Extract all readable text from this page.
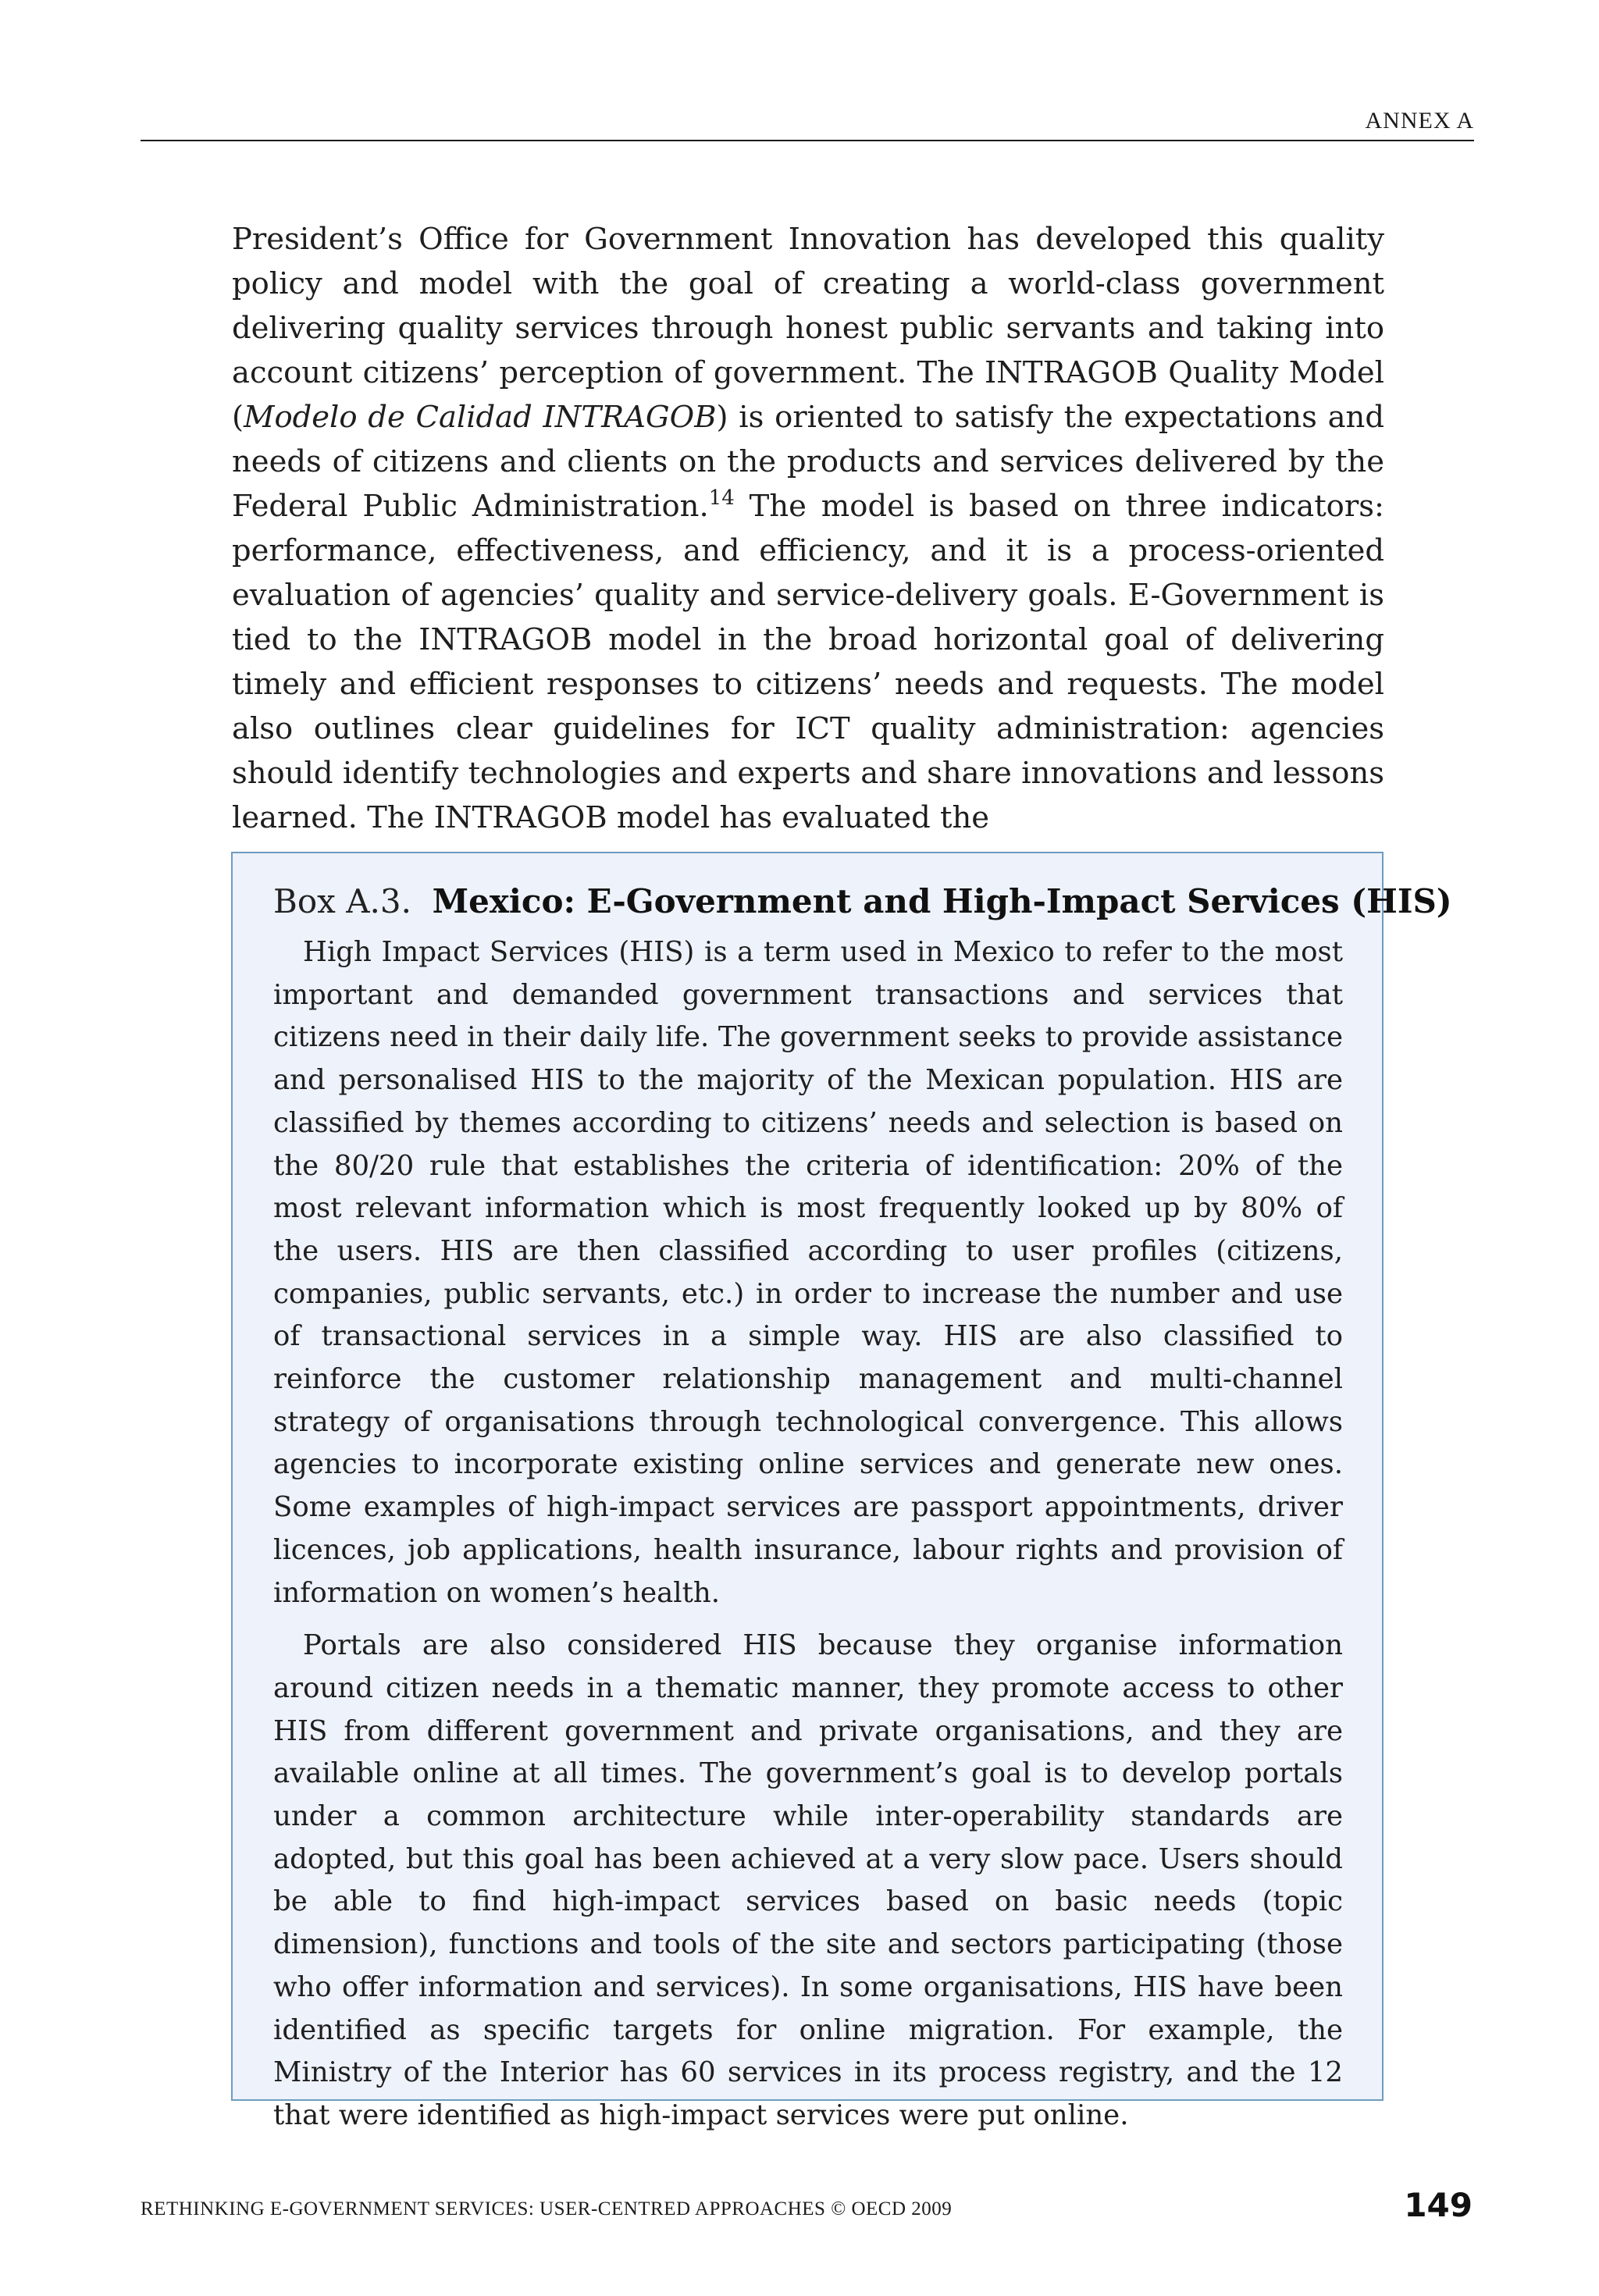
ANNEX A

President’s Office for Government Innovation has developed this quality policy and model with the goal of creating a world-class government delivering quality services through honest public servants and taking into account citizens’ perception of government. The INTRAGOB Quality Model (Modelo de Calidad INTRAGOB) is oriented to satisfy the expectations and needs of citizens and clients on the products and services delivered by the Federal Public Administration.$^{14}$ The model is based on three indicators: performance, effectiveness, and efficiency, and it is a process-oriented evaluation of agencies’ quality and service-delivery goals. E-Government is tied to the INTRAGOB model in the broad horizontal goal of delivering timely and efficient responses to citizens’ needs and requests. The model also outlines clear guidelines for ICT quality administration: agencies should identify technologies and experts and share innovations and lessons learned. The INTRAGOB model has evaluated the

Box A.3. Mexico: E-Government and High-Impact Services (HIS)

High Impact Services (HIS) is a term used in Mexico to refer to the most important and demanded government transactions and services that citizens need in their daily life. The government seeks to provide assistance and personalised HIS to the majority of the Mexican population. HIS are classified by themes according to citizens’ needs and selection is based on the 80/20 rule that establishes the criteria of identification: 20% of the most relevant information which is most frequently looked up by 80% of the users. HIS are then classified according to user profiles (citizens, companies, public servants, etc.) in order to increase the number and use of transactional services in a simple way. HIS are also classified to reinforce the customer relationship management and multi-channel strategy of organisations through technological convergence. This allows agencies to incorporate existing online services and generate new ones. Some examples of high-impact services are passport appointments, driver licences, job applications, health insurance, labour rights and provision of information on women’s health.

Portals are also considered HIS because they organise information around citizen needs in a thematic manner, they promote access to other HIS from different government and private organisations, and they are available online at all times. The government’s goal is to develop portals under a common architecture while inter-operability standards are adopted, but this goal has been achieved at a very slow pace. Users should be able to find high-impact services based on basic needs (topic dimension), functions and tools of the site and sectors participating (those who offer information and services). In some organisations, HIS have been identified as specific targets for online migration. For example, the Ministry of the Interior has 60 services in its process registry, and the 12 that were identified as high-impact services were put online.

RETHINKING E-GOVERNMENT SERVICES: USER-CENTRED APPROACHES © OECD 2009	149
